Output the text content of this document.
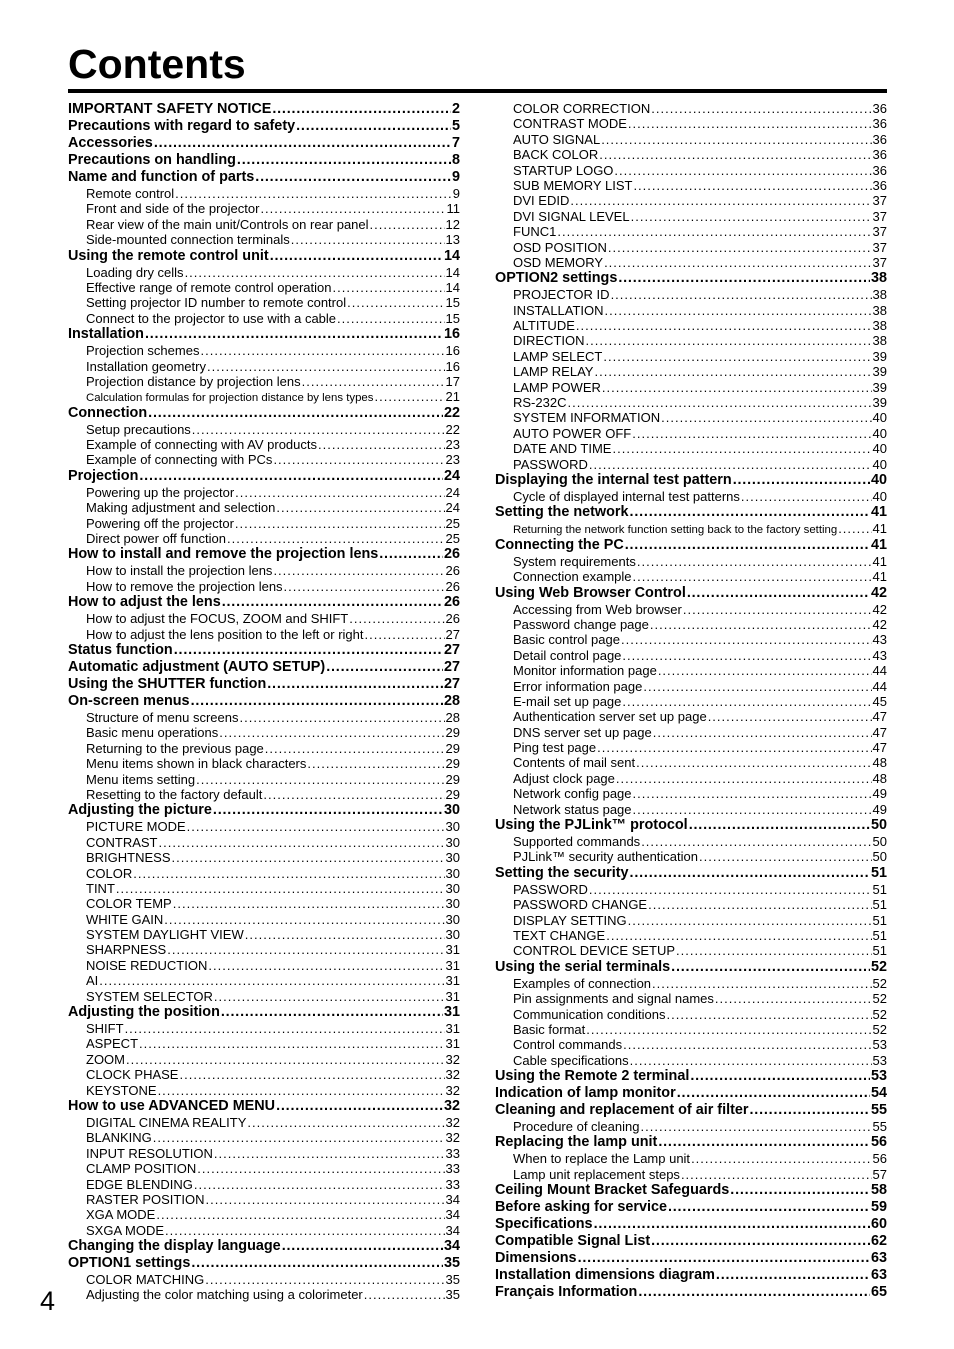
Contents
IMPORTANT SAFETY NOTICE . . .	2
Precautions with regard to safety . . .	5
Accessories . . .	7
Precautions on handling . . .	8
Name and function of parts . . .	9
Remote control . . .	9
Front and side of the projector . . .	11
Rear view of the main unit/Controls on rear panel . . .	12
Side-mounted connection terminals . . .	13
Using the remote control unit . . .	14
Loading dry cells . . .	14
Effective range of remote control operation . . .	14
Setting projector ID number to remote control . . .	15
Connect to the projector to use with a cable . . .	15
Installation . . .	16
Projection schemes . . .	16
Installation geometry . . .	16
Projection distance by projection lens . . .	17
Calculation formulas for projection distance by lens types . . .	21
Connection . . .	22
Setup precautions . . .	22
Example of connecting with AV products . . .	23
Example of connecting with PCs . . .	23
Projection . . .	24
Powering up the projector . . .	24
Making adjustment and selection . . .	24
Powering off the projector . . .	25
Direct power off function . . .	25
How to install and remove the projection lens . . .	26
How to install the projection lens . . .	26
How to remove the projection lens . . .	26
How to adjust the lens . . .	26
How to adjust the FOCUS, ZOOM and SHIFT . . .	26
How to adjust the lens position to the left or right . . .	27
Status function . . .	27
Automatic adjustment (AUTO SETUP) . . .	27
Using the SHUTTER function . . .	27
On-screen menus . . .	28
Structure of menu screens . . .	28
Basic menu operations . . .	29
Returning to the previous page . . .	29
Menu items shown in black characters . . .	29
Menu items setting . . .	29
Resetting to the factory default . . .	29
Adjusting the picture . . .	30
PICTURE MODE . . .	30
CONTRAST . . .	30
BRIGHTNESS . . .	30
COLOR . . .	30
TINT . . .	30
COLOR TEMP . . .	30
WHITE GAIN . . .	30
SYSTEM DAYLIGHT VIEW . . .	30
SHARPNESS . . .	31
NOISE REDUCTION . . .	31
AI . . .	31
SYSTEM SELECTOR . . .	31
Adjusting the position . . .	31
SHIFT . . .	31
ASPECT . . .	31
ZOOM . . .	32
CLOCK PHASE . . .	32
KEYSTONE . . .	32
How to use ADVANCED MENU . . .	32
DIGITAL CINEMA REALITY . . .	32
BLANKING . . .	32
INPUT RESOLUTION . . .	33
CLAMP POSITION . . .	33
EDGE BLENDING . . .	33
RASTER POSITION . . .	34
XGA MODE . . .	34
SXGA MODE . . .	34
Changing the display language . . .	34
OPTION1 settings . . .	35
COLOR MATCHING . . .	35
Adjusting the color matching using a colorimeter . . .	35
COLOR CORRECTION . . .	36
CONTRAST MODE . . .	36
AUTO SIGNAL . . .	36
BACK COLOR . . .	36
STARTUP LOGO . . .	36
SUB MEMORY LIST . . .	36
DVI EDID . . .	37
DVI SIGNAL LEVEL . . .	37
FUNC1 . . .	37
OSD POSITION . . .	37
OSD MEMORY . . .	37
OPTION2 settings . . .	38
PROJECTOR ID . . .	38
INSTALLATION . . .	38
ALTITUDE . . .	38
DIRECTION . . .	38
LAMP SELECT . . .	39
LAMP RELAY . . .	39
LAMP POWER . . .	39
RS-232C . . .	39
SYSTEM INFORMATION . . .	40
AUTO POWER OFF . . .	40
DATE AND TIME . . .	40
PASSWORD . . .	40
Displaying the internal test pattern . . .	40
Cycle of displayed internal test patterns . . .	40
Setting the network . . .	41
Returning the network function setting back to the factory setting . . .	41
Connecting the PC . . .	41
System requirements . . .	41
Connection example . . .	41
Using Web Browser Control . . .	42
Accessing from Web browser . . .	42
Password change page . . .	42
Basic control page . . .	43
Detail control page . . .	43
Monitor information page . . .	44
Error information page . . .	44
E-mail set up page . . .	45
Authentication server set up page . . .	47
DNS server set up page . . .	47
Ping test page . . .	47
Contents of mail sent . . .	48
Adjust clock page . . .	48
Network config page . . .	49
Network status page . . .	49
Using the PJLink™ protocol . . .	50
Supported commands . . .	50
PJLink™ security authentication . . .	50
Setting the security . . .	51
PASSWORD . . .	51
PASSWORD CHANGE . . .	51
DISPLAY SETTING . . .	51
TEXT CHANGE . . .	51
CONTROL DEVICE SETUP . . .	51
Using the serial terminals . . .	52
Examples of connection . . .	52
Pin assignments and signal names . . .	52
Communication conditions . . .	52
Basic format . . .	52
Control commands . . .	53
Cable specifications . . .	53
Using the Remote 2 terminal . . .	53
Indication of lamp monitor . . .	54
Cleaning and replacement of air filter . . .	55
Procedure of cleaning . . .	55
Replacing the lamp unit . . .	56
When to replace the Lamp unit . . .	56
Lamp unit replacement steps . . .	57
Ceiling Mount Bracket Safeguards . . .	58
Before asking for service . . .	59
Specifications . . .	60
Compatible Signal List . . .	62
Dimensions . . .	63
Installation dimensions diagram . . .	63
Français Information . . .	65
4
